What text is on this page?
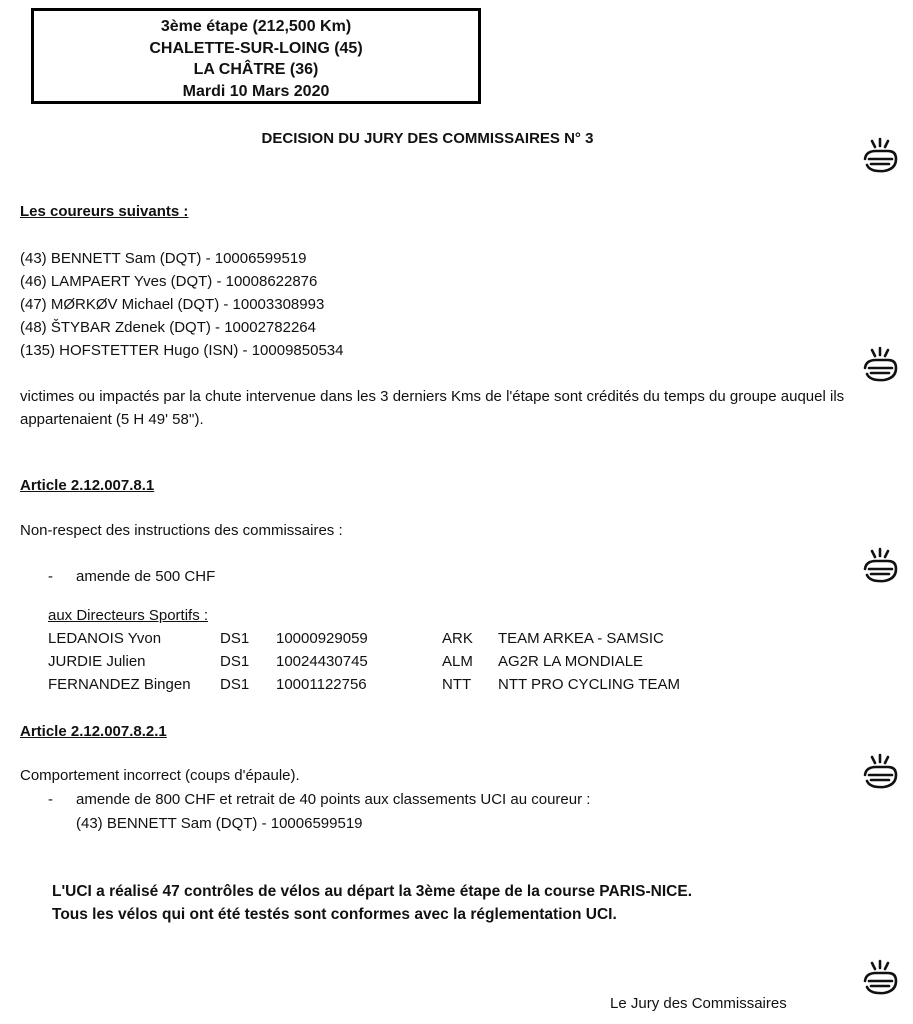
3ème étape (212,500 Km)
CHALETTE-SUR-LOING (45)
LA CHÂTRE (36)
Mardi 10 Mars 2020
DECISION DU JURY DES COMMISSAIRES N° 3
Les coureurs suivants :
(43) BENNETT Sam (DQT) - 10006599519
(46) LAMPAERT Yves (DQT) - 10008622876
(47) MØRKØV Michael (DQT) - 10003308993
(48) ŠTYBAR Zdenek (DQT) - 10002782264
(135) HOFSTETTER Hugo (ISN) - 10009850534
victimes ou impactés par la chute intervenue dans les 3 derniers Kms de l'étape sont crédités du temps du groupe auquel ils appartenaient (5 H 49' 58'').
Article 2.12.007.8.1
Non-respect des instructions des commissaires :
- amende de 500 CHF
aux Directeurs Sportifs :
LEDANOIS Yvon	DS1	10000929059	ARK	TEAM ARKEA - SAMSIC
JURDIE Julien	DS1	10024430745	ALM	AG2R LA MONDIALE
FERNANDEZ Bingen	DS1	10001122756	NTT	NTT PRO CYCLING TEAM
Article 2.12.007.8.2.1
Comportement incorrect (coups d'épaule).
- amende de 800 CHF et retrait de 40 points aux classements UCI au coureur :
(43) BENNETT Sam (DQT) - 10006599519
L'UCI a réalisé 47 contrôles de vélos au départ la 3ème étape de la course PARIS-NICE.
Tous les vélos qui ont été testés sont conformes avec la réglementation UCI.
Le Jury des Commissaires
